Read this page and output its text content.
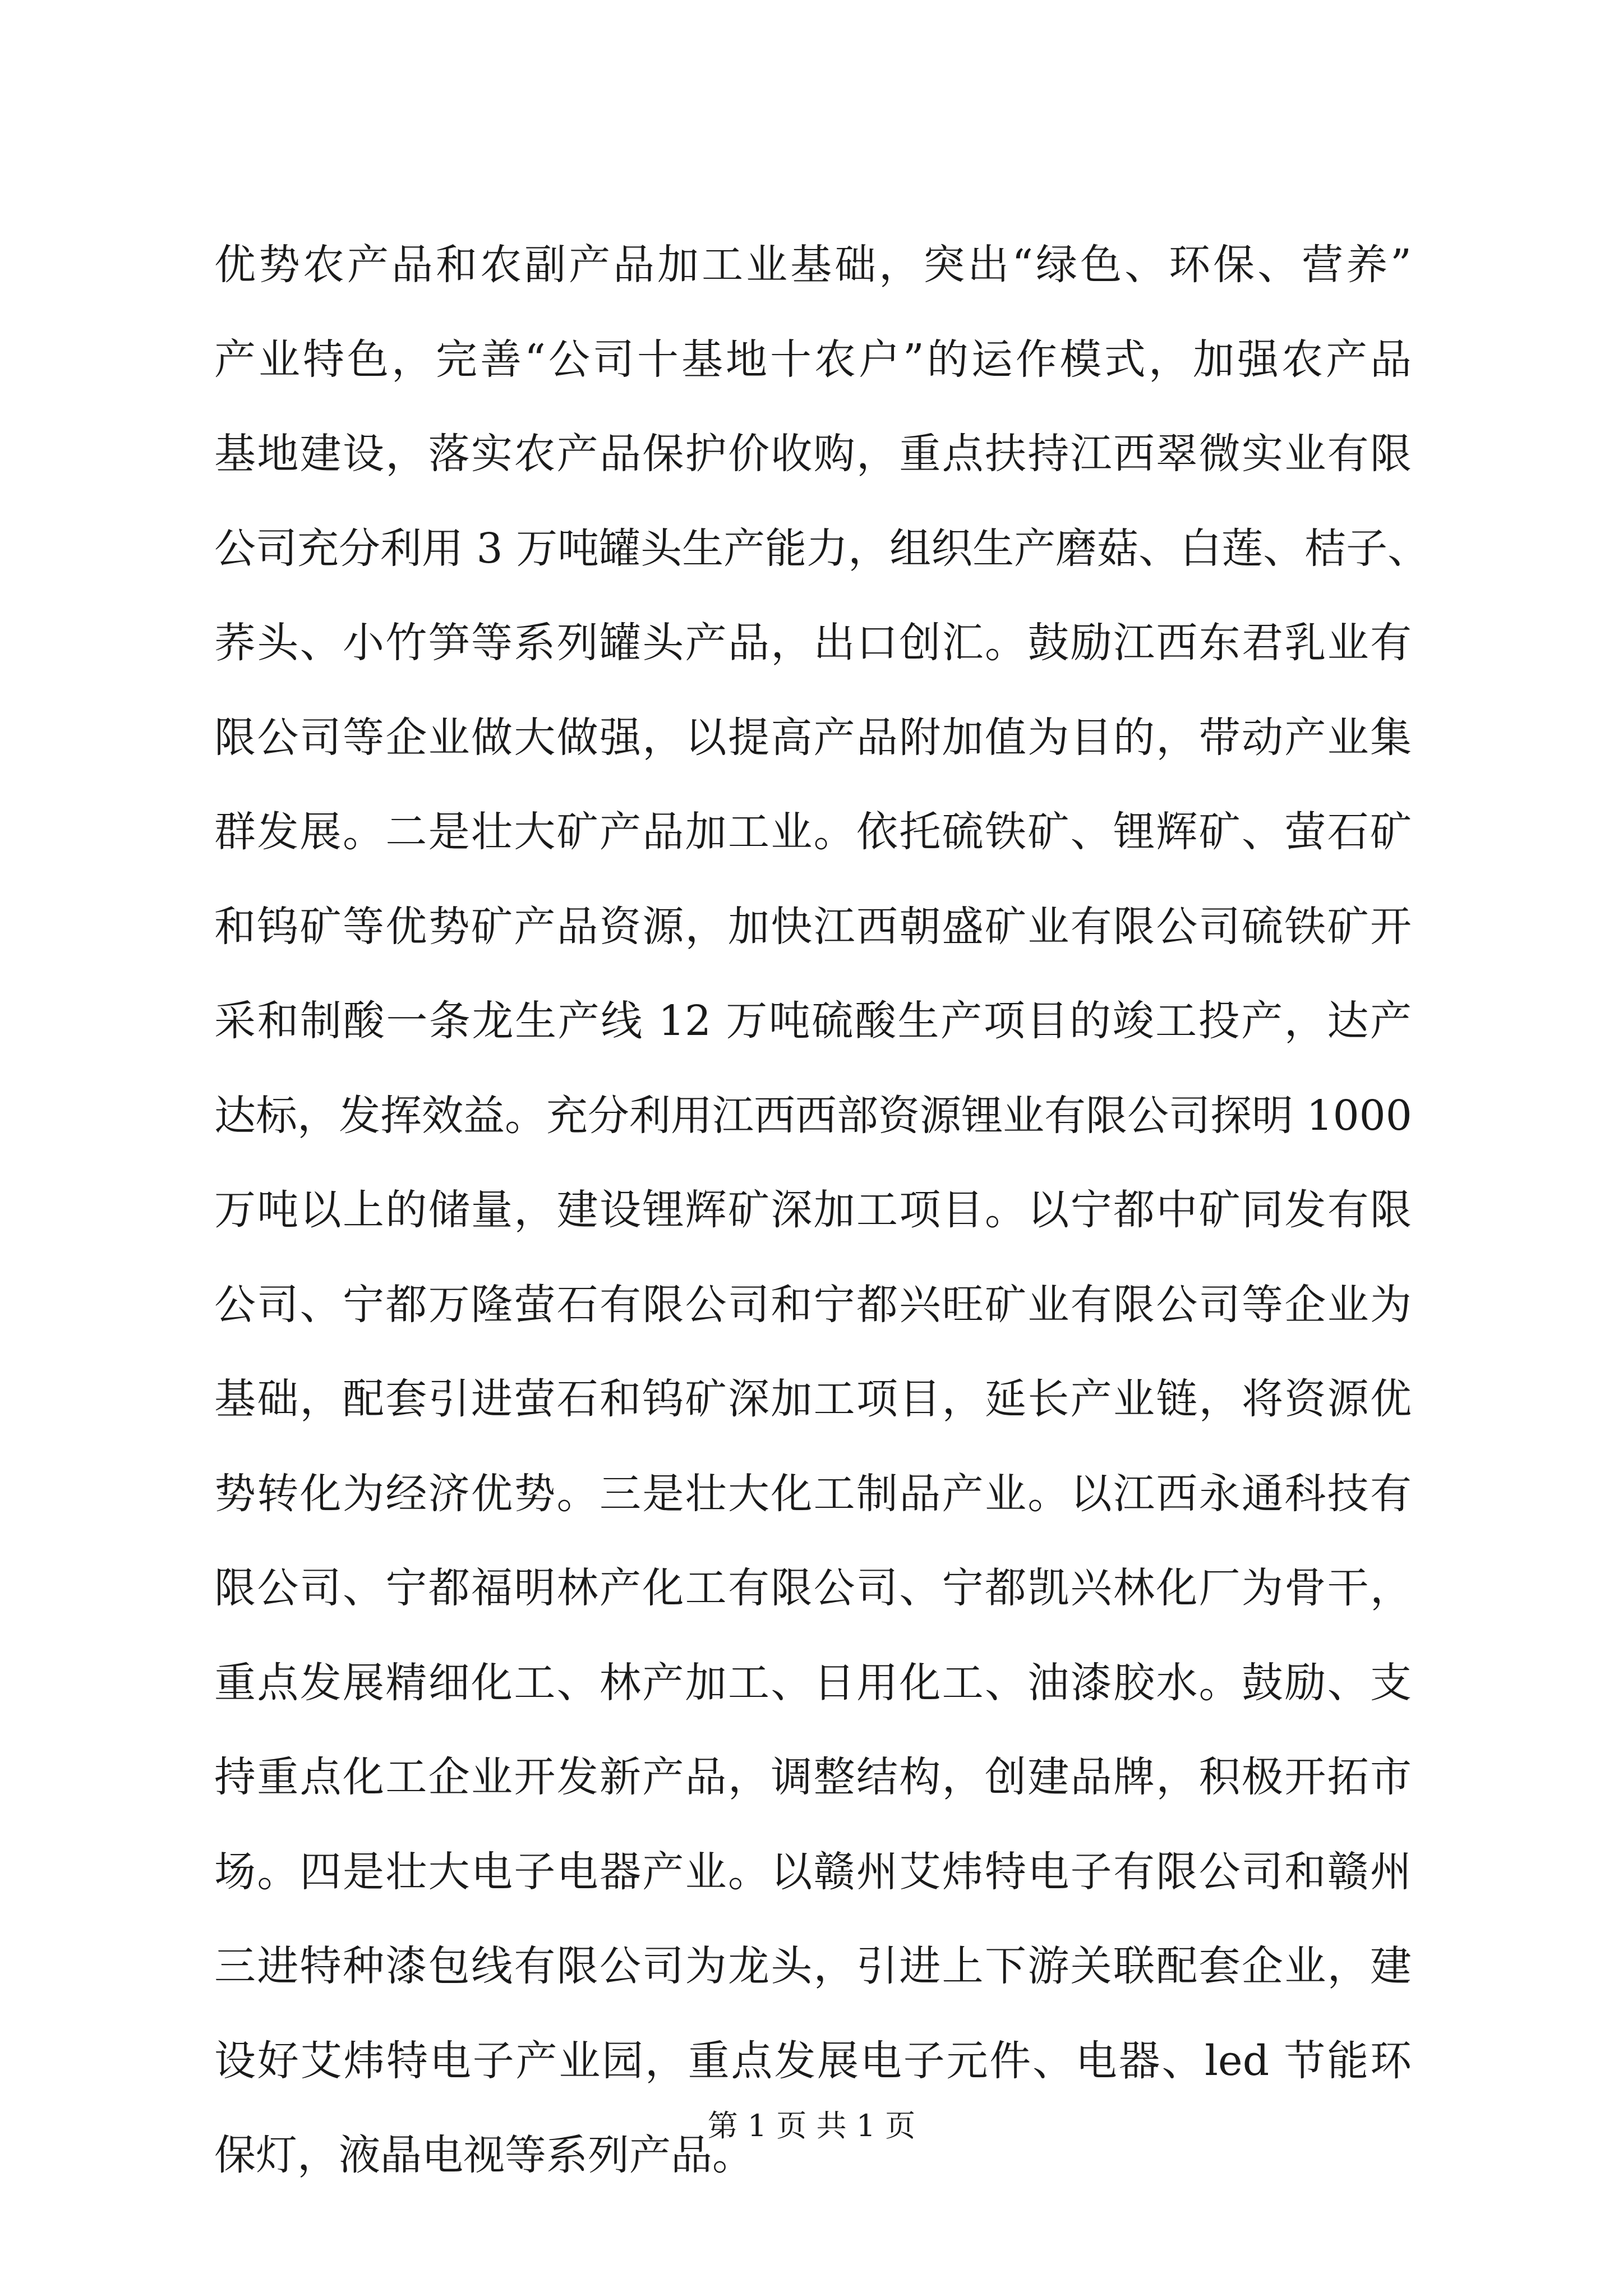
优势农产品和农副产品加工业基础，突出“绿色、环保、营养”
产业特色，完善“公司十基地十农户”的运作模式，加强农产品
基地建设，落实农产品保护价收购，重点扶持江西翠微实业有限
公司充分利用 3 万吨罐头生产能力，组织生产磨菇、白莲、桔子、
荞头、小竹笋等系列罐头产品，出口创汇。鼓励江西东君乳业有
限公司等企业做大做强，以提高产品附加值为目的，带动产业集
群发展。二是壮大矿产品加工业。依托硫铁矿、锂辉矿、萤石矿
和钨矿等优势矿产品资源，加快江西朝盛矿业有限公司硫铁矿开
采和制酸一条龙生产线 12 万吨硫酸生产项目的竣工投产，达产
达标，发挥效益。充分利用江西西部资源锂业有限公司探明 1000
万吨以上的储量，建设锂辉矿深加工项目。以宁都中矿同发有限
公司、宁都万隆萤石有限公司和宁都兴旺矿业有限公司等企业为
基础，配套引进萤石和钨矿深加工项目，延长产业链，将资源优
势转化为经济优势。三是壮大化工制品产业。以江西永通科技有
限公司、宁都福明林产化工有限公司、宁都凯兴林化厂为骨干，
重点发展精细化工、林产加工、日用化工、油漆胶水。鼓励、支
持重点化工企业开发新产品，调整结构，创建品牌，积极开拓市
场。四是壮大电子电器产业。以赣州艾炜特电子有限公司和赣州
三进特种漆包线有限公司为龙头，引进上下游关联配套企业，建
设好艾炜特电子产业园，重点发展电子元件、电器、led 节能环
保灯，液晶电视等系列产品。
第 1 页 共 1 页
